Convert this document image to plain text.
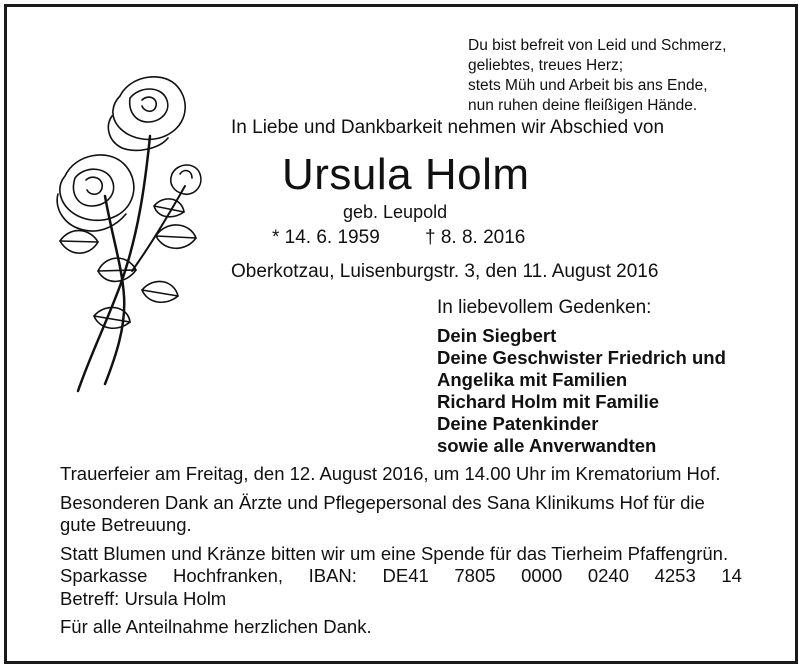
Du bist befreit von Leid und Schmerz,
geliebtes, treues Herz;
stets Müh und Arbeit bis ans Ende,
nun ruhen deine fleißigen Hände.
In Liebe und Dankbarkeit nehmen wir Abschied von
Ursula Holm
geb. Leupold
* 14. 6. 1959 † 8. 8. 2016
Oberkotzau, Luisenburgstr. 3, den 11. August 2016
In liebevollem Gedenken:
Dein Siegbert
Deine Geschwister Friedrich und
Angelika mit Familien
Richard Holm mit Familie
Deine Patenkinder
sowie alle Anverwandten
Trauerfeier am Freitag, den 12. August 2016, um 14.00 Uhr im Krematorium Hof.
Besonderen Dank an Ärzte und Pflegepersonal des Sana Klinikums Hof für die
gute Betreuung.
Statt Blumen und Kränze bitten wir um eine Spende für das Tierheim Pfaffengrün.
Sparkasse Hochfranken, IBAN: DE41 7805 0000 0240 4253 14
Betreff: Ursula Holm
Für alle Anteilnahme herzlichen Dank.
